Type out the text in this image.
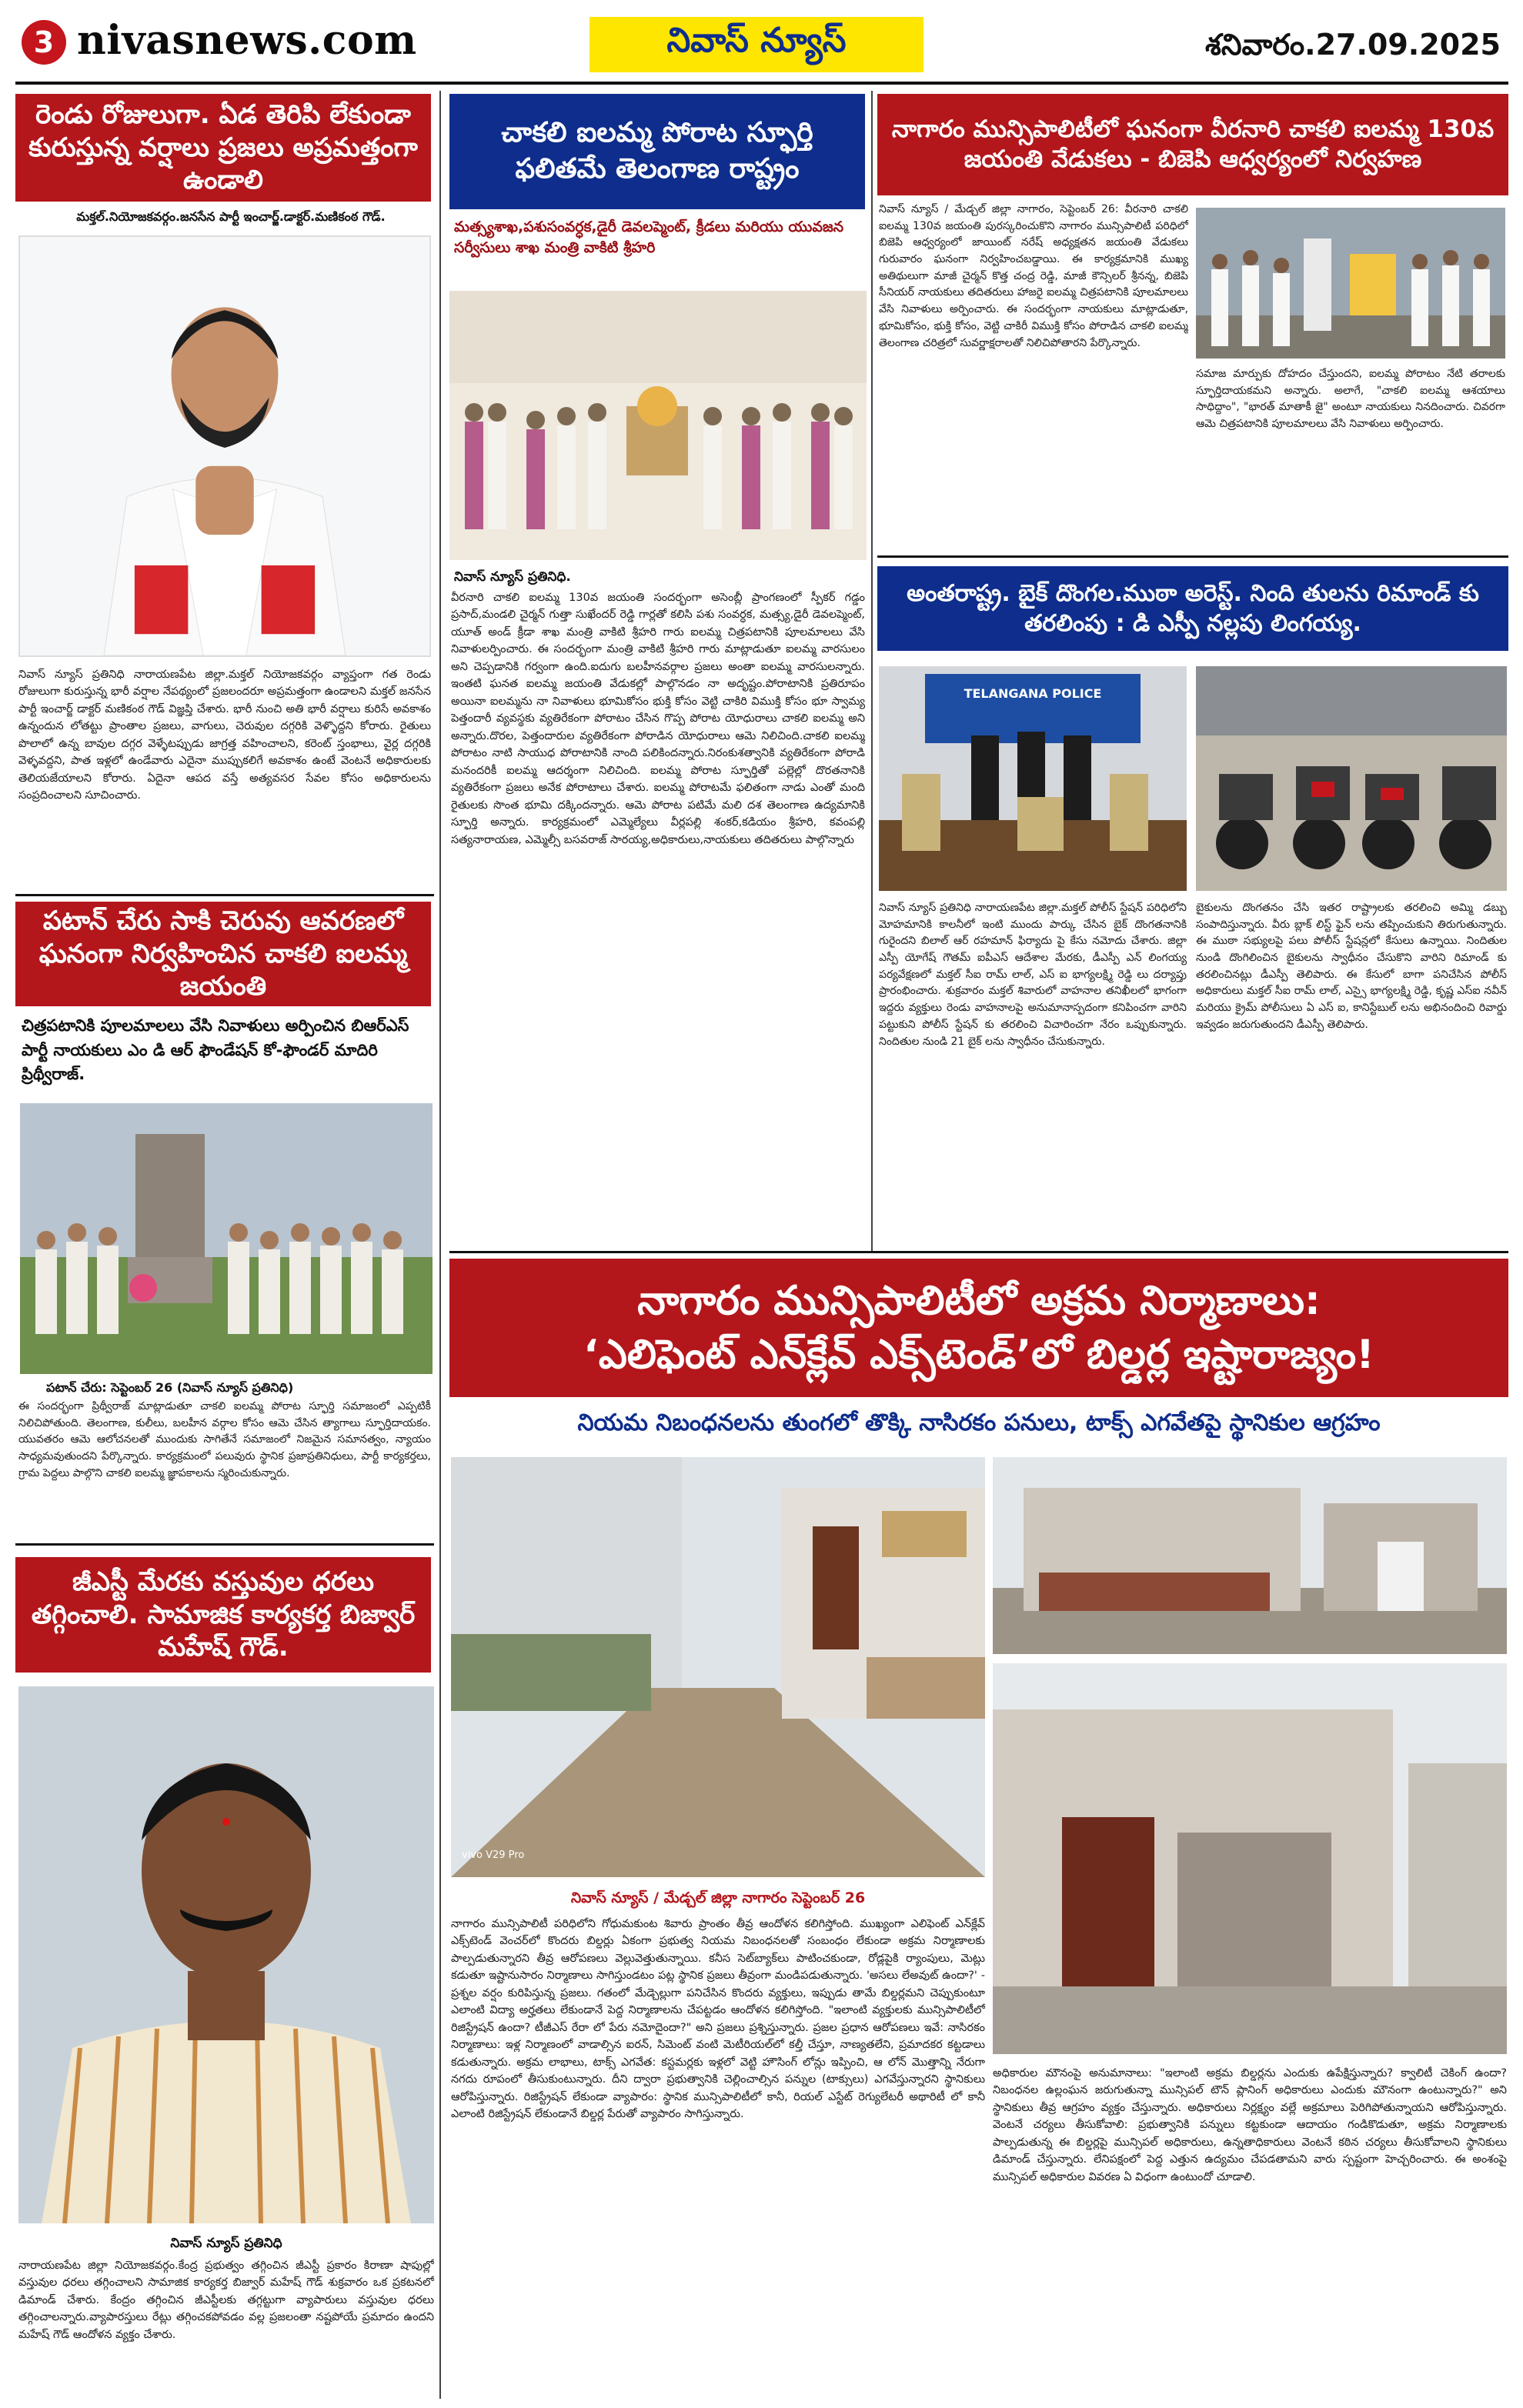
3 nivasnews.com	నివాస్ న్యూస్	శనివారం.27.09.2025
రెండు రోజులుగా. ఏడ తెరిపి లేకుండా కురుస్తున్న వర్షాలు ప్రజలు అప్రమత్తంగా ఉండాలి
మక్తల్.నియోజకవర్గం.జనసేన పార్టీ ఇంచార్జ్.డాక్టర్.మణికంఠ గౌడ్.
నివాస్ న్యూస్ ప్రతినిధి నారాయణపేట జిల్లా.మక్తల్ నియోజకవర్గం వ్యాప్తంగా గత రెండు రోజులుగా కురుస్తున్న భారీ వర్షాల నేపథ్యంలో ప్రజలందరూ అప్రమత్తంగా ఉండాలని మక్తల్ జనసేన పార్టీ ఇంచార్జ్ డాక్టర్ మణికంఠ గౌడ్ విజ్ఞప్తి చేశారు. భారీ నుంచి అతి భారీ వర్షాలు కురిసే అవకాశం ఉన్నందున లోతట్టు ప్రాంతాల ప్రజలు, వాగులు, చెరువుల దగ్గరికి వెళ్ళొద్దని కోరారు. రైతులు పొలాలో ఉన్న బావుల దగ్గర వెళ్ళేటప్పుడు జాగ్రత్త వహించాలని, కరెంట్ స్తంభాలు, వైర్ల దగ్గరికి వెళ్ళవద్దని, పాత ఇళ్లలో ఉండేవారు ఎదైనా ముప్పుకలిగే అవకాశం ఉంటే వెంటనే అధికారులకు తెలియజేయాలని కోరారు. ఏదైనా ఆపద వస్తే అత్యవసర సేవల కోసం అధికారులను సంప్రదించాలని సూచించారు.
పటాన్ చేరు సాకి చెరువు ఆవరణలో ఘనంగా నిర్వహించిన చాకలి ఐలమ్మ జయంతి
చిత్రపటానికి పూలమాలలు వేసి నివాళులు అర్పించిన బిఆర్ఎస్ పార్టీ నాయకులు ఎం డి ఆర్ ఫౌండేషన్ కో-ఫౌండర్ మాదిరి ప్రిథ్వీరాజ్.
పటాన్ చేరు: సెప్టెంబర్ 26 (నివాస్ న్యూస్ ప్రతినిధి)
ఈ సందర్భంగా ప్రిథ్వీరాజ్ మాట్లాడుతూ చాకలి ఐలమ్మ పోరాట స్ఫూర్తి సమాజంలో ఎప్పటికీ నిలిచిపోతుంది. తెలంగాణ, కులీలు, బలహీన వర్గాల కోసం ఆమె చేసిన త్యాగాలు స్ఫూర్తిదాయకం. యువతరం ఆమె ఆలోచనలతో ముందుకు సాగితేనే సమాజంలో నిజమైన సమానత్వం, న్యాయం సాధ్యమవుతుందని పేర్కొన్నారు. కార్యక్రమంలో పలువురు స్థానిక ప్రజాప్రతినిధులు, పార్టీ కార్యకర్తలు, గ్రామ పెద్దలు పాల్గొని చాకలి ఐలమ్మ జ్ఞాపకాలను స్మరించుకున్నారు.
జీఎస్టీ మేరకు వస్తువుల ధరలు తగ్గించాలి. సామాజిక కార్యకర్త బిజ్వార్ మహేష్ గౌడ్.
నివాస్ న్యూస్ ప్రతినిధి
నారాయణపేట జిల్లా నియోజకవర్గం.కేంద్ర ప్రభుత్వం తగ్గించిన జీఎస్టీ ప్రకారం కిరాణా షాపుల్లో వస్తువుల ధరలు తగ్గించాలని సామాజిక కార్యకర్త బిజ్వార్ మహేష్ గౌడ్ శుక్రవారం ఒక ప్రకటనలో డిమాండ్ చేశారు. కేంద్రం తగ్గించిన జీఎస్టీలకు తగ్గట్టుగా వ్యాపారులు వస్తువుల ధరలు తగ్గించాలన్నారు.వ్యాపారస్తులు రేట్లు తగ్గించకపోవడం వల్ల ప్రజలంతా నష్టపోయే ప్రమాదం ఉందని మహేష్ గౌడ్ ఆందోళన వ్యక్తం చేశారు.
చాకలి ఐలమ్మ పోరాట స్ఫూర్తి ఫలితమే తెలంగాణ రాష్ట్రం
మత్స్యశాఖ,పశుసంవర్ధక,డైరీ డెవలప్మెంట్, క్రీడలు మరియు యువజన సర్వీసులు శాఖ మంత్రి వాకిటి శ్రీహరి
నివాస్ న్యూస్ ప్రతినిధి.
వీరనారి చాకలి ఐలమ్మ 130వ జయంతి సందర్భంగా అసెంబ్లీ ప్రాంగణంలో స్పీకర్ గడ్డం ప్రసాద్,మండలి చైర్మన్ గుత్తా సుఖేందర్ రెడ్డి గార్లతో కలిసి పశు సంవర్ధక, మత్స్య,డైరీ డెవలప్మెంట్, యూత్ అండ్ క్రీడా శాఖ మంత్రి వాకిటి శ్రీహరి గారు ఐలమ్మ చిత్రపటానికి పూలమాలలు వేసి నివాళులర్పించారు. ఈ సందర్భంగా మంత్రి వాకిటి శ్రీహరి గారు మాట్లాడుతూ ఐలమ్మ వారసులం అని చెప్పడానికి గర్వంగా ఉంది.ఐదుగు బలహీనవర్గాల ప్రజలు అంతా ఐలమ్మ వారసులన్నారు. ఇంతటి ఘనత ఐలమ్మ జయంతి వేడుకల్లో పాల్గొనడం నా అదృష్టం.పోరాటానికి ప్రతిరూపం అయినా ఐలమ్మను నా నివాళులు భూమికోసం భుక్తి కోసం వెట్టి చాకిరి విముక్తి కోసం భూ స్వామ్య పెత్తందారీ వ్యవస్థకు వ్యతిరేకంగా పోరాటం చేసిన గొప్ప పోరాట యోధురాలు చాకలి ఐలమ్మ అని అన్నారు.దొరల, పెత్తందారుల వ్యతిరేకంగా పోరాడిన యోధురాలు ఆమె నిలిచింది.చాకలి ఐలమ్మ పోరాటం నాటి సాయుధ పోరాటానికి నాంది పలికిందన్నారు.నిరంకుశత్వానికి వ్యతిరేకంగా పోరాడి మనందరికీ ఐలమ్మ ఆదర్శంగా నిలిచింది. ఐలమ్మ పోరాట స్ఫూర్తితో పల్లెల్లో దొరతనానికి వ్యతిరేకంగా ప్రజలు అనేక పోరాటాలు చేశారు. ఐలమ్మ పోరాటమే ఫలితంగా నాడు ఎంతో మంది రైతులకు సొంత భూమి దక్కిందన్నారు. ఆమె పోరాట పటిమే మలి దశ తెలంగాణ ఉద్యమానికి స్ఫూర్తి అన్నారు. కార్యక్రమంలో ఎమ్మెల్యేలు వీర్లపల్లి శంకర్,కడియం శ్రీహరి, కవంపల్లి సత్యనారాయణ, ఎమ్మెల్సీ బసవరాజ్ సారయ్య,అధికారులు,నాయకులు తదితరులు పాల్గొన్నారు
నాగారం మున్సిపాలిటీలో ఘనంగా వీరనారి చాకలి ఐలమ్మ 130వ జయంతి వేడుకలు - బిజెపి ఆధ్వర్యంలో నిర్వహణ
నివాస్ న్యూస్ / మేడ్చల్ జిల్లా నాగారం, సెప్టెంబర్ 26: వీరనారి చాకలి ఐలమ్మ 130వ జయంతి పురస్కరించుకొని నాగారం మున్సిపాలిటీ పరిధిలో బిజెపి ఆధ్వర్యంలో జాయింట్ నరేష్ అధ్యక్షతన జయంతి వేడుకలు గురువారం ఘనంగా నిర్వహించబడ్డాయి. ఈ కార్యక్రమానికి ముఖ్య అతిథులుగా మాజీ చైర్మన్ కొత్త చంద్ర రెడ్డి, మాజీ కౌన్సిలర్ శ్రీనన్న, బిజెపి సీనియర్ నాయకులు తదితరులు హాజరై ఐలమ్మ చిత్రపటానికి పూలమాలలు వేసి నివాళులు అర్పించారు. ఈ సందర్భంగా నాయకులు మాట్లాడుతూ, భూమికోసం, భుక్తి కోసం, వెట్టి చాకిరీ విముక్తి కోసం పోరాడిన చాకలి ఐలమ్మ తెలంగాణ చరిత్రలో సువర్ణాక్షరాలతో నిలిచిపోతారని పేర్కొన్నారు.
సమాజ మార్పుకు దోహదం చేస్తుందని, ఐలమ్మ పోరాటం నేటి తరాలకు స్ఫూర్తిదాయకమని అన్నారు. అలాగే, "చాకలి ఐలమ్మ ఆశయాలు సాధిద్దాం", "భారత్ మాతాకీ జై" అంటూ నాయకులు నినదించారు. చివరగా ఆమె చిత్రపటానికి పూలమాలలు వేసి నివాళులు అర్పించారు.
అంతరాష్ట్ర. బైక్ దొంగల.ముఠా అరెస్ట్. నింది తులను రిమాండ్ కు తరలింపు : డి ఎస్పీ నల్లపు లింగయ్య.
TELANGANA POLICE
నివాస్ న్యూస్ ప్రతినిధి నారాయణపేట జిల్లా.మక్తల్ పోలీస్ స్టేషన్ పరిధిలోని మోహమానికి కాలనీలో ఇంటి ముందు పార్కు చేసిన బైక్ దొంగతనానికి గురైందని బిలాల్ ఆర్ రహమాన్ ఫిర్యాదు పై కేసు నమోదు చేశారు. జిల్లా ఎస్పీ యోగేష్ గౌతమ్ ఐపీఎస్ ఆదేశాల మేరకు, డీఎస్పీ ఎన్ లింగయ్య పర్యవేక్షణలో మక్తల్ సీఐ రామ్ లాల్, ఎస్ ఐ భాగ్యలక్ష్మి రెడ్డి లు దర్యాప్తు ప్రారంభించారు. శుక్రవారం మక్తల్ శివారులో వాహనాల తనిఖీలలో భాగంగా ఇద్దరు వ్యక్తులు రెండు వాహనాలపై అనుమానాస్పదంగా కనిపించగా వారిని పట్టుకుని పోలీస్ స్టేషన్ కు తరలించి విచారించగా నేరం ఒప్పుకున్నారు. నిందితుల నుండి 21 బైక్ లను స్వాధీనం చేసుకున్నారు.
బైకులను దొంగతనం చేసి ఇతర రాష్ట్రాలకు తరలించి అమ్మి డబ్బు సంపాదిస్తున్నారు. వీరు బ్లాక్ లిస్ట్ ఫైన్ లను తప్పించుకుని తిరుగుతున్నారు. ఈ ముఠా సభ్యులపై పలు పోలీస్ స్టేషన్లలో కేసులు ఉన్నాయి. నిందితుల నుండి దొంగిలించిన బైకులను స్వాధీనం చేసుకొని వారిని రిమాండ్ కు తరలించినట్లు డీఎస్పీ తెలిపారు. ఈ కేసులో బాగా పనిచేసిన పోలీస్ అధికారులు మక్తల్ సీఐ రామ్ లాల్, ఎస్సై భాగ్యలక్ష్మి రెడ్డి, కృష్ణ ఎస్ఐ నవీన్ మరియు క్రైమ్ పోలీసులు ఏ ఎస్ ఐ, కానిస్టేబుల్ లను అభినందించి రివార్డు ఇవ్వడం జరుగుతుందని డీఎస్పీ తెలిపారు.
నాగారం మున్సిపాలిటీలో అక్రమ నిర్మాణాలు:
‘ఎలిఫెంట్ ఎన్‌క్లేవ్ ఎక్స్‌టెండ్’లో బిల్డర్ల ఇష్టారాజ్యం!
నియమ నిబంధనలను తుంగలో తొక్కి నాసిరకం పనులు, టాక్స్ ఎగవేతపై స్థానికుల ఆగ్రహం
vivo V29 Pro
నివాస్ న్యూస్ / మేడ్చల్ జిల్లా నాగారం సెప్టెంబర్ 26
నాగారం మున్సిపాలిటీ పరిధిలోని గోధుమకుంట శివారు ప్రాంతం తీవ్ర ఆందోళన కలిగిస్తోంది. ముఖ్యంగా ఎలిఫెంట్ ఎన్‌క్లేవ్ ఎక్స్‌టెండ్ వెంచర్‌లో కొందరు బిల్డర్లు ఏకంగా ప్రభుత్వ నియమ నిబంధనలతో సంబంధం లేకుండా అక్రమ నిర్మాణాలకు పాల్పడుతున్నారని తీవ్ర ఆరోపణలు వెల్లువెత్తుతున్నాయి. కనీస సెట్‌బ్యాక్‌లు పాటించకుండా, రోడ్లపైకి ర్యాంపులు, మెట్లు కడుతూ ఇష్టానుసారం నిర్మాణాలు సాగిస్తుండటం పట్ల స్థానిక ప్రజలు తీవ్రంగా మండిపడుతున్నారు. 'అసలు లేఅవుట్ ఉందా?' - ప్రశ్నల వర్షం కురిపిస్తున్న ప్రజలు. గతంలో మేడ్చెల్లుగా పనిచేసిన కొందరు వ్యక్తులు, ఇప్పుడు తామే బిల్డర్లమని చెప్పుకుంటూ ఎలాంటి విద్యా అర్హతలు లేకుండానే పెద్ద నిర్మాణాలను చేపట్టడం ఆందోళన కలిగిస్తోంది. "ఇలాంటి వ్యక్తులకు మున్సిపాలిటీలో రిజిస్ట్రేషన్ ఉందా? టీజీఎస్ రేరా లో పేరు నమోదైందా?" అని ప్రజలు ప్రశ్నిస్తున్నారు. ప్రజల ప్రధాన ఆరోపణలు ఇవే: నాసిరకం నిర్మాణాలు: ఇళ్ల నిర్మాణంలో వాడాల్సిన ఐరన్, సిమెంట్ వంటి మెటీరియల్‌లో కల్తీ చేస్తూ, నాణ్యతలేని, ప్రమాదకర కట్టడాలు కడుతున్నారు. అక్రమ లాభాలు, టాక్స్ ఎగవేత: కస్టమర్లకు ఇళ్లలో వెట్టి హౌసింగ్ లోన్లు ఇప్పించి, ఆ లోన్ మొత్తాన్ని నేరుగా నగదు రూపంలో తీసుకుంటున్నారు. దీని ద్వారా ప్రభుత్వానికి చెల్లించాల్సిన పన్నుల (టాక్సులు) ఎగవేస్తున్నారని స్థానికులు ఆరోపిస్తున్నారు. రిజిస్ట్రేషన్ లేకుండా వ్యాపారం: స్థానిక మున్సిపాలిటీలో కానీ, రియల్ ఎస్టేట్ రెగ్యులేటరీ అథారిటీ లో కానీ ఎలాంటి రిజిస్ట్రేషన్ లేకుండానే బిల్డర్ల పేరుతో వ్యాపారం సాగిస్తున్నారు.
అధికారుల మౌనంపై అనుమానాలు: "ఇలాంటి అక్రమ బిల్డర్లను ఎందుకు ఉపేక్షిస్తున్నారు? క్వాలిటీ చెకింగ్ ఉందా? నిబంధనల ఉల్లంఘన జరుగుతున్నా మున్సిపల్ టౌన్ ప్లానింగ్ అధికారులు ఎందుకు మౌనంగా ఉంటున్నారు?" అని స్థానికులు తీవ్ర ఆగ్రహం వ్యక్తం చేస్తున్నారు. అధికారులు నిర్లక్ష్యం వల్లే అక్రమాలు పెరిగిపోతున్నాయని ఆరోపిస్తున్నారు. వెంటనే చర్యలు తీసుకోవాలి: ప్రభుత్వానికి పన్నులు కట్టకుండా ఆదాయం గండికొడుతూ, అక్రమ నిర్మాణాలకు పాల్పడుతున్న ఈ బిల్డర్లపై మున్సిపల్ అధికారులు, ఉన్నతాధికారులు వెంటనే కఠిన చర్యలు తీసుకోవాలని స్థానికులు డిమాండ్ చేస్తున్నారు. లేనిపక్షంలో పెద్ద ఎత్తున ఉద్యమం చేపడతామని వారు స్పష్టంగా హెచ్చరించారు. ఈ అంశంపై మున్సిపల్ అధికారుల వివరణ ఏ విధంగా ఉంటుందో చూడాలి.
